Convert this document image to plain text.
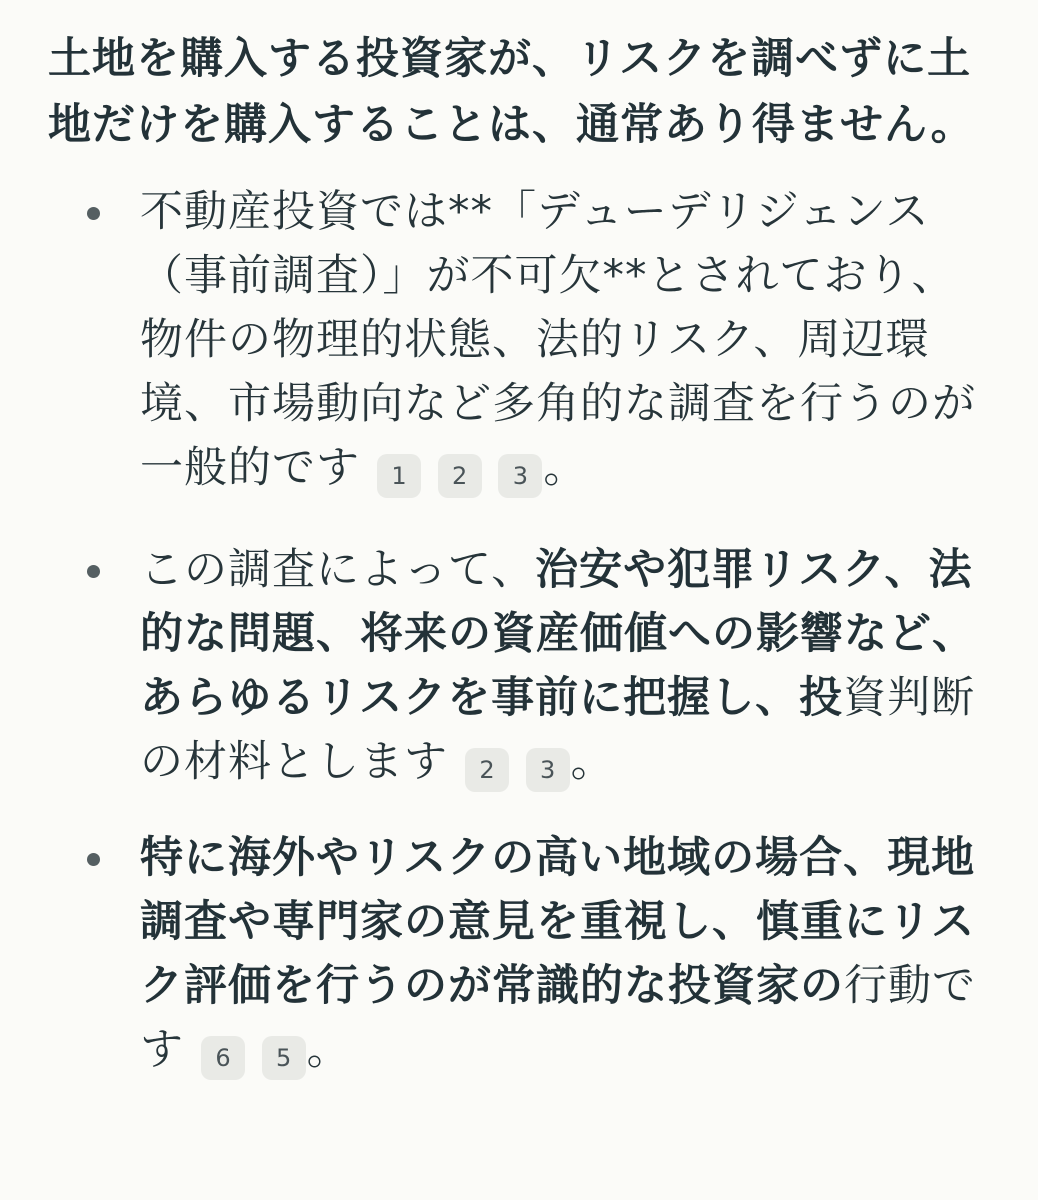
土地を購入する投資家が、リスクを調べずに土地だけを購入することは、通常あり得ません。

不動産投資では**「デューデリジェンス（事前調査）」が不可欠**とされており、物件の物理的状態、法的リスク、周辺環境、市場動向など多角的な調査を行うのが一般的です 1 2 3 。
この調査によって、治安や犯罪リスク、法的な問題、将来の資産価値への影響など、あらゆるリスクを事前に把握し、投資判断の材料とします 2 3 。
特に海外やリスクの高い地域の場合、現地調査や専門家の意見を重視し、慎重にリスク評価を行うのが常識的な投資家の行動です 6 5 。
